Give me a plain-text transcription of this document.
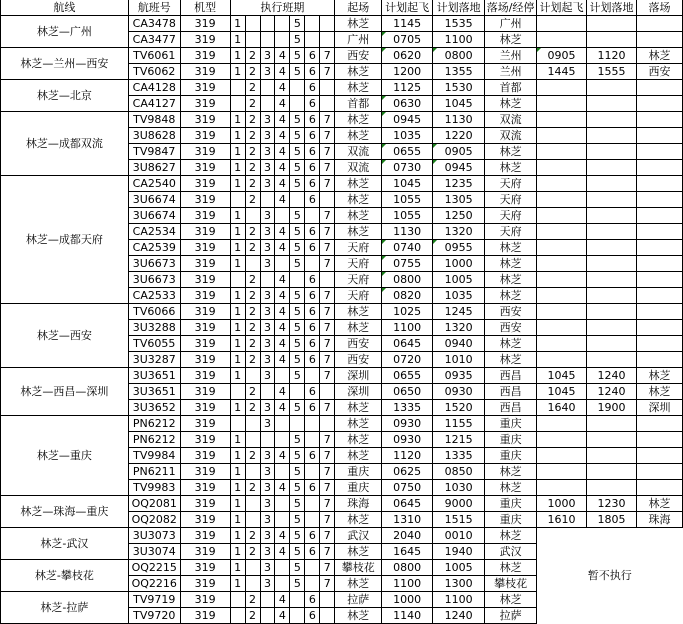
航线	航班号	机型	执行班期							起场	计划起飞	计划落地	落场/经停	计划起飞	计划落地	落场
林芝—广州	CA3478	319	1				5			林芝	1145	1535	广州			
	CA3477	319	1				5			广州	0705	1100	林芝			
林芝—兰州—西安	TV6061	319	1	2	3	4	5	6	7	西安	0620	0800	兰州	0905	1120	林芝
	TV6062	319	1	2	3	4	5	6	7	林芝	1200	1355	兰州	1445	1555	西安
林芝—北京	CA4128	319		2		4		6		林芝	1125	1530	首都			
	CA4127	319		2		4		6		首都	0630	1045	林芝			
林芝—成都双流	TV9848	319	1	2	3	4	5	6	7	林芝	0945	1130	双流			
	3U8628	319	1	2	3	4	5	6	7	林芝	1035	1220	双流			
	TV9847	319	1	2	3	4	5	6	7	双流	0655	0905	林芝			
	3U8627	319	1	2	3	4	5	6	7	双流	0730	0945	林芝			
林芝—成都天府	CA2540	319	1	2	3	4	5	6	7	林芝	1045	1235	天府			
	3U6674	319		2		4		6		林芝	1055	1305	天府			
	3U6674	319	1		3		5		7	林芝	1055	1250	天府			
	CA2534	319	1	2	3	4	5	6	7	林芝	1130	1320	天府			
	CA2539	319	1	2	3	4	5	6	7	天府	0740	0955	林芝			
	3U6673	319	1		3		5		7	天府	0755	1000	林芝			
	3U6673	319		2		4		6		天府	0800	1005	林芝			
	CA2533	319	1	2	3	4	5	6	7	天府	0820	1035	林芝			
林芝—西安	TV6066	319	1	2	3	4	5	6	7	林芝	1025	1245	西安			
	3U3288	319	1	2	3	4	5	6	7	林芝	1100	1320	西安			
	TV6055	319	1	2	3	4	5	6	7	西安	0645	0940	林芝			
	3U3287	319	1	2	3	4	5	6	7	西安	0720	1010	林芝			
林芝—西昌—深圳	3U3651	319	1		3		5		7	深圳	0655	0935	西昌	1045	1240	林芝
	3U3651	319		2		4		6		深圳	0650	0930	西昌	1045	1240	林芝
	3U3652	319	1	2	3	4	5	6	7	林芝	1335	1520	西昌	1640	1900	深圳
林芝—重庆	PN6212	319			3					林芝	0930	1155	重庆			
	PN6212	319	1				5		7	林芝	0930	1215	重庆			
	TV9984	319	1	2	3	4	5	6	7	林芝	1120	1335	重庆			
	PN6211	319	1		3		5		7	重庆	0625	0850	林芝			
	TV9983	319	1	2	3	4	5	6	7	重庆	0750	1030	林芝			
林芝—珠海—重庆	OQ2081	319	1		3		5		7	珠海	0645	9000	重庆	1000	1230	林芝
	OQ2082	319	1		3		5		7	林芝	1310	1515	重庆	1610	1805	珠海
林芝-武汉	3U3073	319	1	2	3	4	5	6	7	武汉	2040	0010	林芝	暂不执行		
	3U3074	319	1	2	3	4	5	6	7	林芝	1645	1940	武汉			
林芝-攀枝花	OQ2215	319	1		3		5		7	攀枝花	0800	1005	林芝			
	OQ2216	319	1		3		5		7	林芝	1100	1300	攀枝花			
林芝-拉萨	TV9719	319		2		4		6		拉萨	1000	1100	林芝			
	TV9720	319		2		4		6		林芝	1140	1240	拉萨			
